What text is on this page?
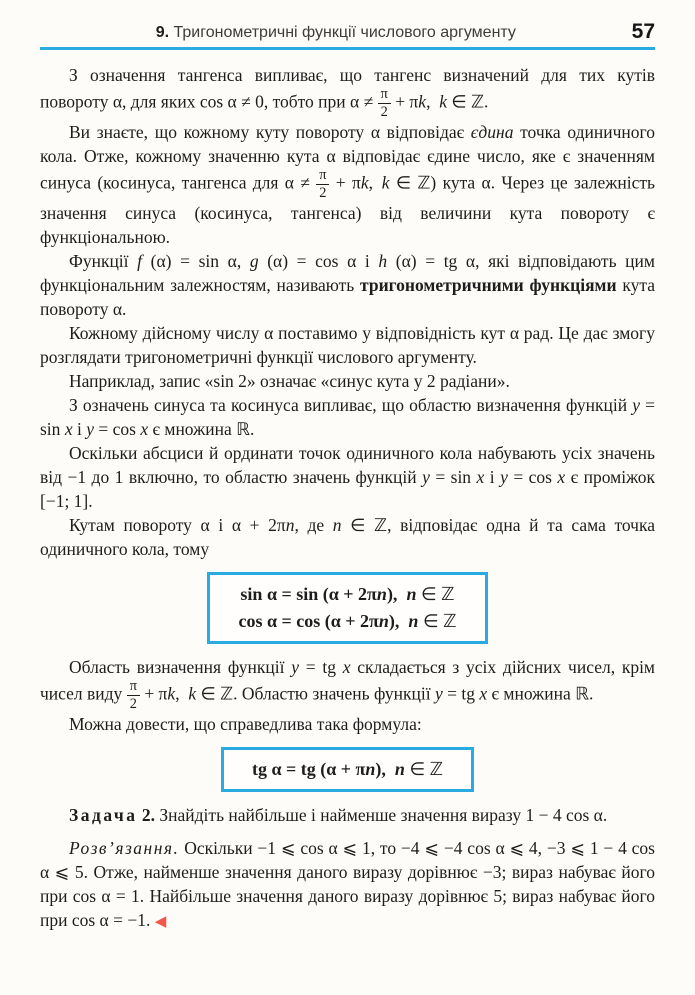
9. Тригонометричні функції числового аргументу	57

З означення тангенса випливає, що тангенс визначений для тих кутів повороту α, для яких cos α ≠ 0, тобто при $\alpha \ne \frac{\pi}{2} + \pi k$, k ∈ ℤ.

Ви знаєте, що кожному куту повороту α відповідає єдина точка одиничного кола. Отже, кожному значенню кута α відповідає єдине число, яке є значенням синуса (косинуса, тангенса для $\alpha \ne \frac{\pi}{2} + \pi k$, k ∈ ℤ) кута α. Через це залежність значення синуса (косинуса, тангенса) від величини кута повороту є функціональною.

Функції f (α) = sin α, g (α) = cos α і h (α) = tg α, які відповідають цим функціональним залежностям, називають тригонометричними функціями кута повороту α.

Кожному дійсному числу α поставимо у відповідність кут α рад. Це дає змогу розглядати тригонометричні функції числового аргументу.

Наприклад, запис «sin 2» означає «синус кута у 2 радіани».

З означень синуса та косинуса випливає, що областю визначення функцій y = sin x і y = cos x є множина ℝ.

Оскільки абсциси й ординати точок одиничного кола набувають усіх значень від −1 до 1 включно, то областю значень функцій y = sin x і y = cos x є проміжок [−1; 1].

Кутам повороту α і α + 2πn, де n ∈ ℤ, відповідає одна й та сама точка одиничного кола, тому

sin α = sin (α + 2πn),  n ∈ ℤ
cos α = cos (α + 2πn),  n ∈ ℤ

Область визначення функції y = tg x складається з усіх дійсних чисел, крім чисел виду $\frac{\pi}{2} + \pi k$, k ∈ ℤ. Областю значень функції y = tg x є множина ℝ.

Можна довести, що справедлива така формула:

tg α = tg (α + πn),  n ∈ ℤ

Задача 2. Знайдіть найбільше і найменше значення виразу 1 − 4 cos α.

Розв’язання. Оскільки −1 ⩽ cos α ⩽ 1, то −4 ⩽ −4 cos α ⩽ 4, −3 ⩽ 1 − 4 cos α ⩽ 5. Отже, найменше значення даного виразу дорівнює −3; вираз набуває його при cos α = 1. Найбільше значення даного виразу дорівнює 5; вираз набуває його при cos α = −1. ◀
